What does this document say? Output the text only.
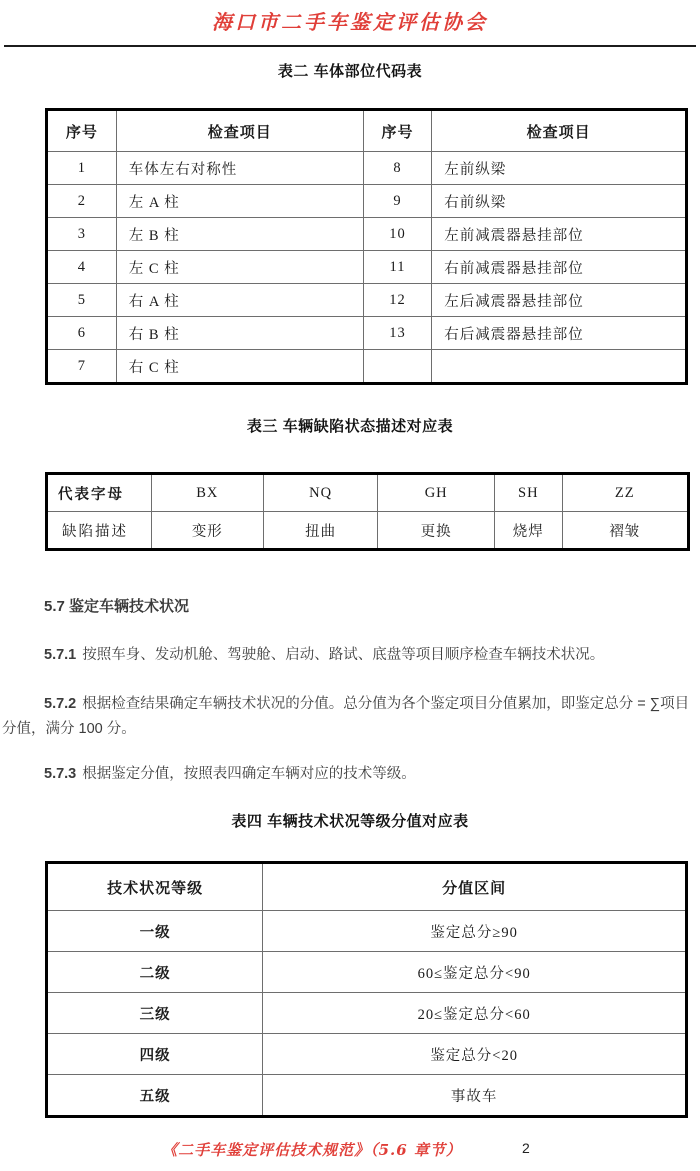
海口市二手车鉴定评估协会
表二 车体部位代码表
序号	检查项目	序号	检查项目
1	车体左右对称性	8	左前纵梁
2	左 A 柱	9	右前纵梁
3	左 B 柱	10	左前减震器悬挂部位
4	左 C 柱	11	右前减震器悬挂部位
5	右 A 柱	12	左后减震器悬挂部位
6	右 B 柱	13	右后减震器悬挂部位
7	右 C 柱		
表三 车辆缺陷状态描述对应表
代表字母	BX	NQ	GH	SH	ZZ
缺陷描述	变形	扭曲	更换	烧焊	褶皱
5.7 鉴定车辆技术状况

5.7.1 按照车身、发动机舱、驾驶舱、启动、路试、底盘等项目顺序检查车辆技术状况。

5.7.2 根据检查结果确定车辆技术状况的分值。总分值为各个鉴定项目分值累加，即鉴定总分 = ∑项目分值，满分 100 分。

5.7.3 根据鉴定分值，按照表四确定车辆对应的技术等级。

表四 车辆技术状况等级分值对应表
技术状况等级	分值区间
一级	鉴定总分≥90
二级	60≤鉴定总分<90
三级	20≤鉴定总分<60
四级	鉴定总分<20
五级	事故车
《二手车鉴定评估技术规范》（5.6 章节）	2
